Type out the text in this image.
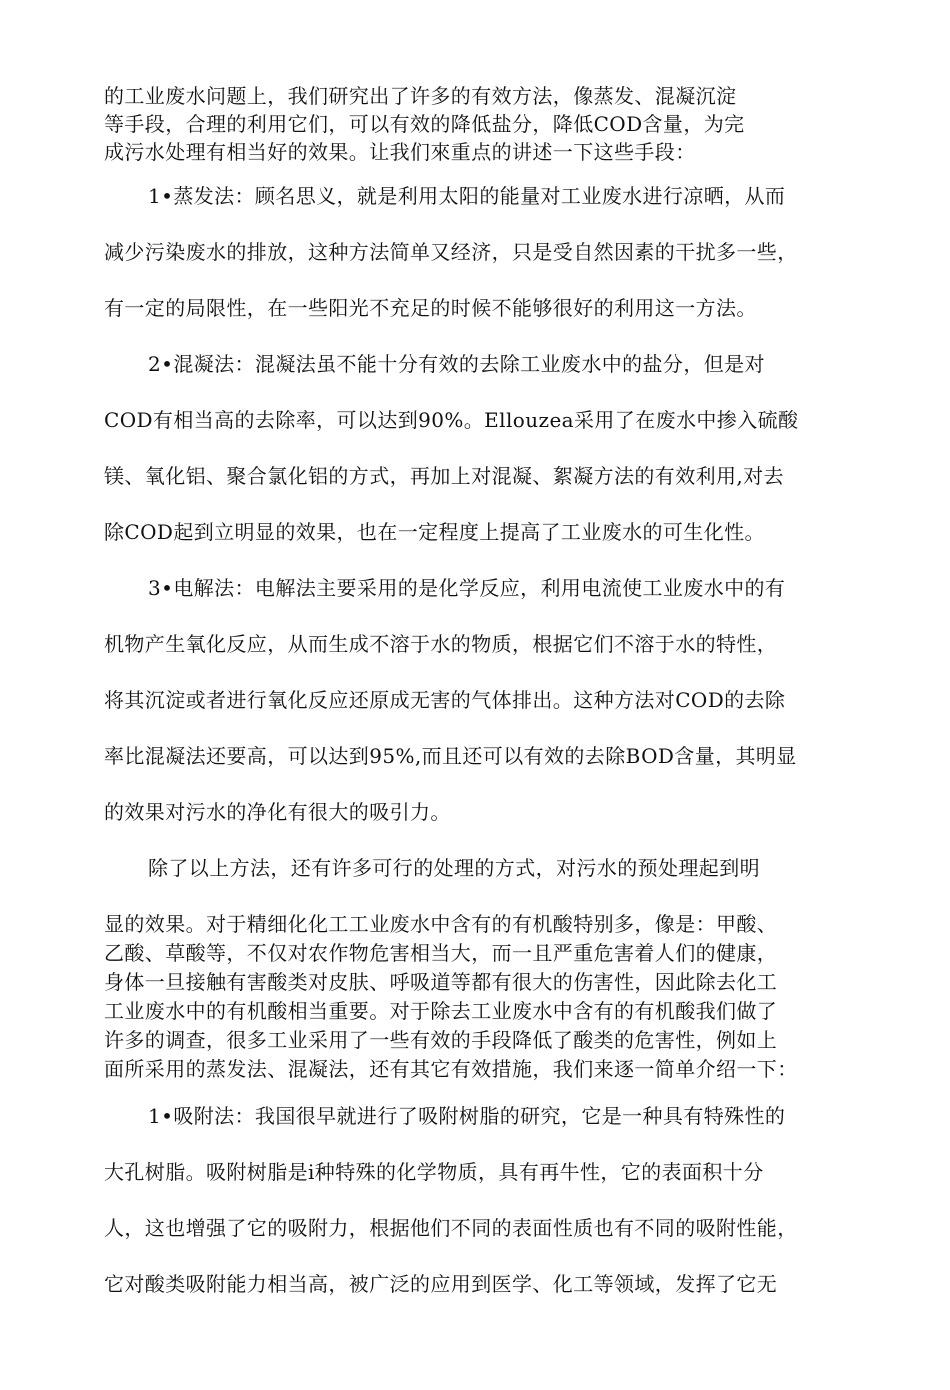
的工业废水问题上，我们研究出了许多的有效方法，像蒸发、混凝沉淀
等手段，合理的利用它们，可以有效的降低盐分，降低COD含量，为完
成污水处理有相当好的效果。让我们來重点的讲述一下这些手段：
1•蒸发法：顾名思义，就是利用太阳的能量对工业废水进行凉晒，从而
减少污染废水的排放，这种方法简单又经济，只是受自然因素的干扰多一些，
有一定的局限性，在一些阳光不充足的时候不能够很好的利用这一方法。
2•混凝法：混凝法虽不能十分有效的去除工业废水中的盐分，但是对
COD有相当高的去除率，可以达到90%。Ellouzea采用了在废水中掺入硫酸
镁、氧化铝、聚合氯化铝的方式，再加上对混凝、絮凝方法的有效利用,对去
除COD起到立明显的效果，也在一定程度上提高了工业废水的可生化性。
3•电解法：电解法主要采用的是化学反应，利用电流使工业废水中的有
机物产生氧化反应，从而生成不溶于水的物质，根据它们不溶于水的特性，
将其沉淀或者进行氧化反应还原成无害的气体排出。这种方法对COD的去除
率比混凝法还要高，可以达到95%,而且还可以有效的去除BOD含量，其明显
的效果对污水的净化有很大的吸引力。
除了以上方法，还有许多可行的处理的方式，对污水的预处理起到明
显的效果。对于精细化化工工业废水中含有的有机酸特别多，像是：甲酸、
乙酸、草酸等，不仅对农作物危害相当大，而一且严重危害着人们的健康，
身体一旦接触有害酸类对皮肤、呼吸道等都有很大的伤害性，因此除去化工
工业废水中的有机酸相当重要。对于除去工业废水中含有的有机酸我们做了
许多的调查，很多工业采用了一些有效的手段降低了酸类的危害性，例如上
面所采用的蒸发法、混凝法，还有其它有效措施，我们来逐一简单介绍一下：
1•吸附法：我国很早就进行了吸附树脂的研究，它是一种具有特殊性的
大孔树脂。吸附树脂是i种特殊的化学物质，具有再牛性，它的表面积十分
人，这也增强了它的吸附力，根据他们不同的表面性质也有不同的吸附性能，
它对酸类吸附能力相当高，被广泛的应用到医学、化工等领域，发挥了它无
